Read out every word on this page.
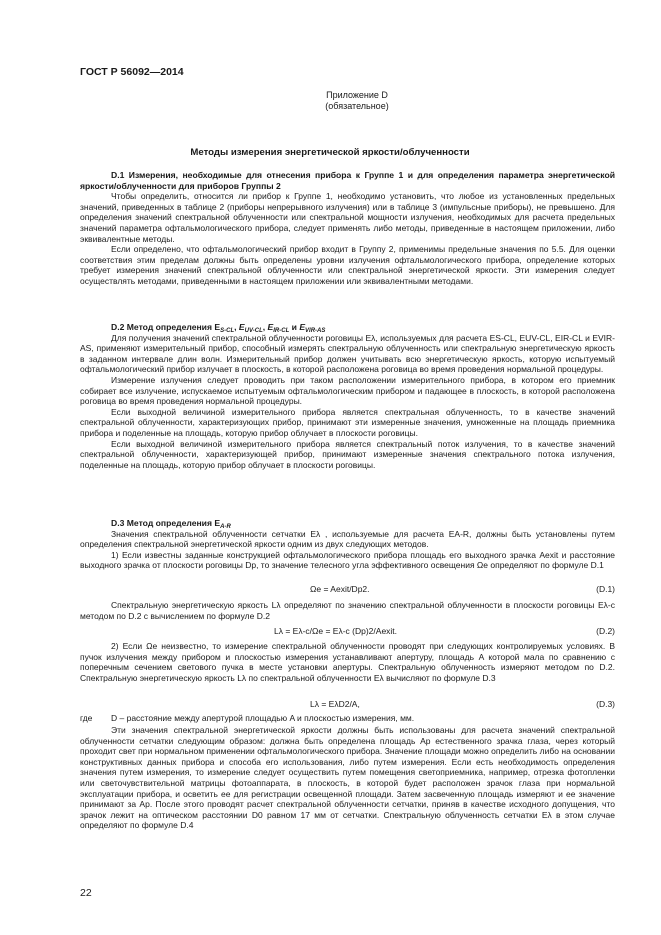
ГОСТ Р 56092—2014
Приложение D
(обязательное)
Методы измерения энергетической яркости/облученности

D.1 Измерения, необходимые для отнесения прибора к Группе 1 и для определения параметра энергетической яркости/облученности для приборов Группы 2

Чтобы определить, относится ли прибор к Группе 1, необходимо установить, что любое из установленных предельных значений, приведенных в таблице 2 (приборы непрерывного излучения) или в таблице 3 (импульсные приборы), не превышено. Для определения значений спектральной облученности или спектральной мощности излучения, необходимых для расчета предельных значений параметра офтальмологического прибора, следует применять либо методы, приведенные в настоящем приложении, либо эквивалентные методы.

Если определено, что офтальмологический прибор входит в Группу 2, применимы предельные значения по 5.5. Для оценки соответствия этим пределам должны быть определены уровни излучения офтальмологического прибора, определение которых требует измерения значений спектральной облученности или спектральной энергетической яркости. Эти измерения следует осуществлять методами, приведенными в настоящем приложении или эквивалентными методами.

D.2 Метод определения $E_{S-CL}$, $E_{UV-CL}$, $E_{IR-CL}$ и $E_{VIR-AS}$

Для получения значений спектральной облученности роговицы Eλ, используемых для расчета ES-CL, EUV-CL, EIR-CL и EVIR-AS, применяют измерительный прибор, способный измерять спектральную облученность или спектральную энергетическую яркость в заданном интервале длин волн. Измерительный прибор должен учитывать всю энергетическую яркость, которую испытуемый офтальмологический прибор излучает в плоскость, в которой расположена роговица во время проведения нормальной процедуры.

Измерение излучения следует проводить при таком расположении измерительного прибора, в котором его приемник собирает все излучение, испускаемое испытуемым офтальмологическим прибором и падающее в плоскость, в которой расположена роговица во время проведения нормальной процедуры.

Если выходной величиной измерительного прибора является спектральная облученность, то в качестве значений спектральной облученности, характеризующих прибор, принимают эти измеренные значения, умноженные на площадь приемника прибора и поделенные на площадь, которую прибор облучает в плоскости роговицы.

Если выходной величиной измерительного прибора является спектральный поток излучения, то в качестве значений спектральной облученности, характеризующей прибор, принимают измеренные значения спектрального потока излучения, поделенные на площадь, которую прибор облучает в плоскости роговицы.

D.3 Метод определения $E_{A-R}$

Значения спектральной облученности сетчатки Eλ , используемые для расчета EA-R, должны быть установлены путем определения спектральной энергетической яркости одним из двух следующих методов.

1) Если известны заданные конструкцией офтальмологического прибора площадь его выходного зрачка Aexit и расстояние выходного зрачка от плоскости роговицы Dp, то значение телесного угла эффективного освещения Ωe определяют по формуле D.1

Ωe = Aexit/Dp2.	(D.1)

Спектральную энергетическую яркость Lλ определяют по значению спектральной облученности в плоскости роговицы Eλ-c методом по D.2 с вычислением по формуле D.2

Lλ = Eλ-c/Ωe = Eλ-c (Dp)2/Aexit.	(D.2)

2) Если Ωe неизвестно, то измерение спектральной облученности проводят при следующих контролируемых условиях. В пучок излучения между прибором и плоскостью измерения устанавливают апертуру, площадь A которой мала по сравнению с поперечным сечением светового пучка в месте установки апертуры. Спектральную облученность измеряют методом по D.2. Спектральную энергетическую яркость Lλ по спектральной облученности Eλ вычисляют по формуле D.3

Lλ = EλD2/A,	(D.3)
где D – расстояние между апертурой площадью A и плоскостью измерения, мм.

Эти значения спектральной энергетической яркости должны быть использованы для расчета значений спектральной облученности сетчатки следующим образом: должна быть определена площадь Ap естественного зрачка глаза, через который проходит свет при нормальном применении офтальмологического прибора. Значение площади можно определить либо на основании конструктивных данных прибора и способа его использования, либо путем измерения. Если есть необходимость определения значения путем измерения, то измерение следует осуществить путем помещения светоприемника, например, отрезка фотопленки или светочувствительной матрицы фотоаппарата, в плоскость, в которой будет расположен зрачок глаза при нормальной эксплуатации прибора, и осветить ее для регистрации освещенной площади. Затем засвеченную площадь измеряют и ее значение принимают за Ap. После этого проводят расчет спектральной облученности сетчатки, приняв в качестве исходного допущения, что зрачок лежит на оптическом расстоянии D0 равном 17 мм от сетчатки. Спектральную облученность сетчатки Eλ в этом случае определяют по формуле D.4

22
